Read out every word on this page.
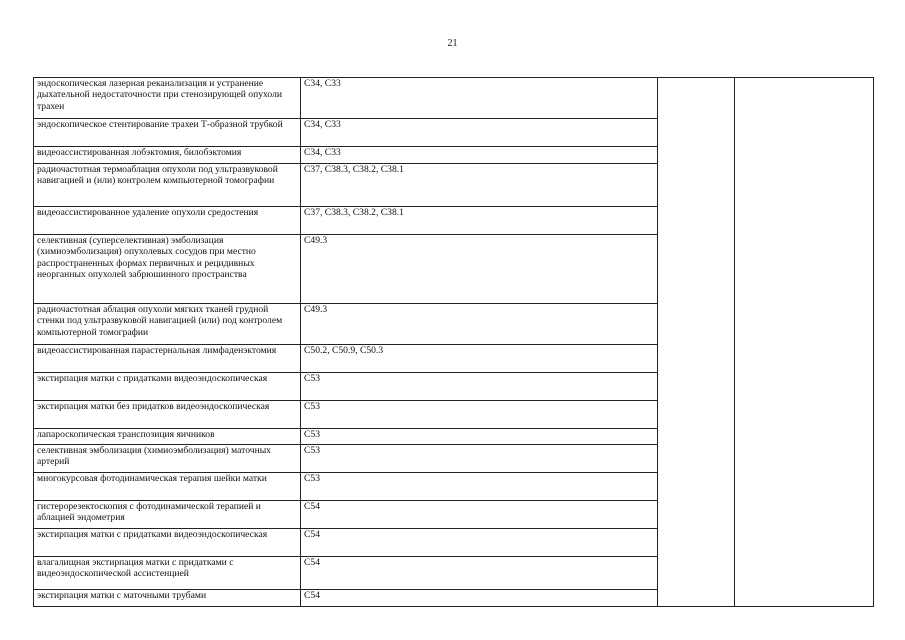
21
эндоскопическая лазерная реканализация и устранение дыхательной недостаточности при стенозирующей опухоли трахеи	C34, C33		
эндоскопическое стентирование трахеи Т-образной трубкой	C34, C33		
видеоассистированная лобэктомия, билобэктомия	C34, C33		
радиочастотная термоаблация опухоли под ультразвуковой навигацией и (или) контролем компьютерной томографии	C37, C38.3, C38.2, C38.1		
видеоассистированное удаление опухоли средостения	C37, C38.3, C38.2, C38.1		
селективная (суперселективная) эмболизация (химиоэмболизация) опухолевых сосудов при местно распространенных формах первичных и рецидивных неорганных опухолей забрюшинного пространства	C49.3		
радиочастотная аблация опухоли мягких тканей грудной стенки под ультразвуковой навигацией (или) под контролем компьютерной томографии	C49.3		
видеоассистированная парастернальная лимфаденэктомия	C50.2, C50.9, C50.3		
экстирпация матки с придатками видеоэндоскопическая	C53		
экстирпация матки без придатков видеоэндоскопическая	C53		
лапароскопическая транспозиция яичников	C53		
селективная эмболизация (химиоэмболизация) маточных артерий	C53		
многокурсовая фотодинамическая терапия шейки матки	C53		
гистерорезектоскопия с фотодинамической терапией и аблацией эндометрия	C54		
экстирпация матки с придатками видеоэндоскопическая	C54		
влагалищная экстирпация матки с придатками с видеоэндоскопической ассистенцией	C54		
экстирпация матки с маточными трубами	C54		
